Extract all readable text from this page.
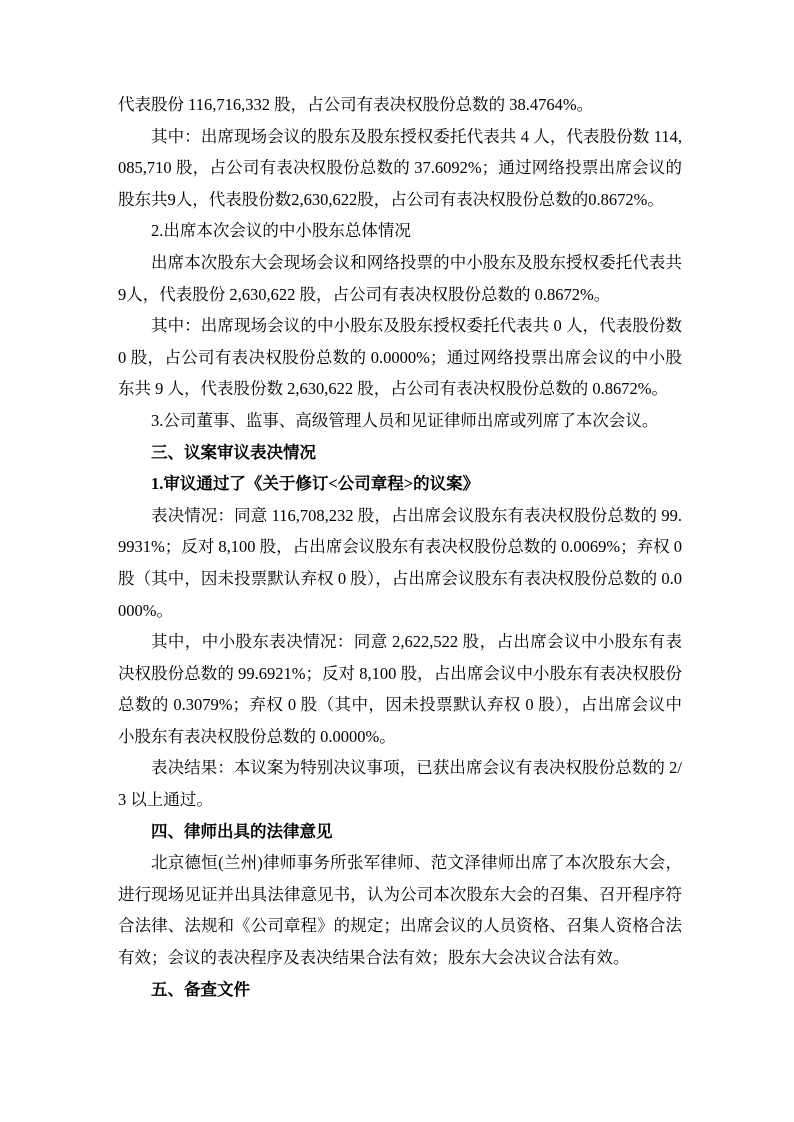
代表股份 116,716,332 股，占公司有表决权股份总数的 38.4764%。

其中：出席现场会议的股东及股东授权委托代表共 4 人，代表股份数 114,085,710 股，占公司有表决权股份总数的 37.6092%；通过网络投票出席会议的股东共9人，代表股份数2,630,622股，占公司有表决权股份总数的0.8672%。

2.出席本次会议的中小股东总体情况

出席本次股东大会现场会议和网络投票的中小股东及股东授权委托代表共9人，代表股份 2,630,622 股，占公司有表决权股份总数的 0.8672%。

其中：出席现场会议的中小股东及股东授权委托代表共 0 人，代表股份数 0 股，占公司有表决权股份总数的 0.0000%；通过网络投票出席会议的中小股东共 9 人，代表股份数 2,630,622 股，占公司有表决权股份总数的 0.8672%。

3.公司董事、监事、高级管理人员和见证律师出席或列席了本次会议。

三、议案审议表决情况

1.审议通过了《关于修订<公司章程>的议案》

表决情况：同意 116,708,232 股，占出席会议股东有表决权股份总数的 99.9931%；反对 8,100 股，占出席会议股东有表决权股份总数的 0.0069%；弃权 0 股（其中，因未投票默认弃权 0 股），占出席会议股东有表决权股份总数的 0.0000%。

其中，中小股东表决情况：同意 2,622,522 股，占出席会议中小股东有表决权股份总数的 99.6921%；反对 8,100 股，占出席会议中小股东有表决权股份总数的 0.3079%；弃权 0 股（其中，因未投票默认弃权 0 股），占出席会议中小股东有表决权股份总数的 0.0000%。

表决结果：本议案为特别决议事项，已获出席会议有表决权股份总数的 2/3 以上通过。

四、律师出具的法律意见

北京德恒(兰州)律师事务所张军律师、范文泽律师出席了本次股东大会，进行现场见证并出具法律意见书，认为公司本次股东大会的召集、召开程序符合法律、法规和《公司章程》的规定；出席会议的人员资格、召集人资格合法有效；会议的表决程序及表决结果合法有效；股东大会决议合法有效。

五、备查文件
